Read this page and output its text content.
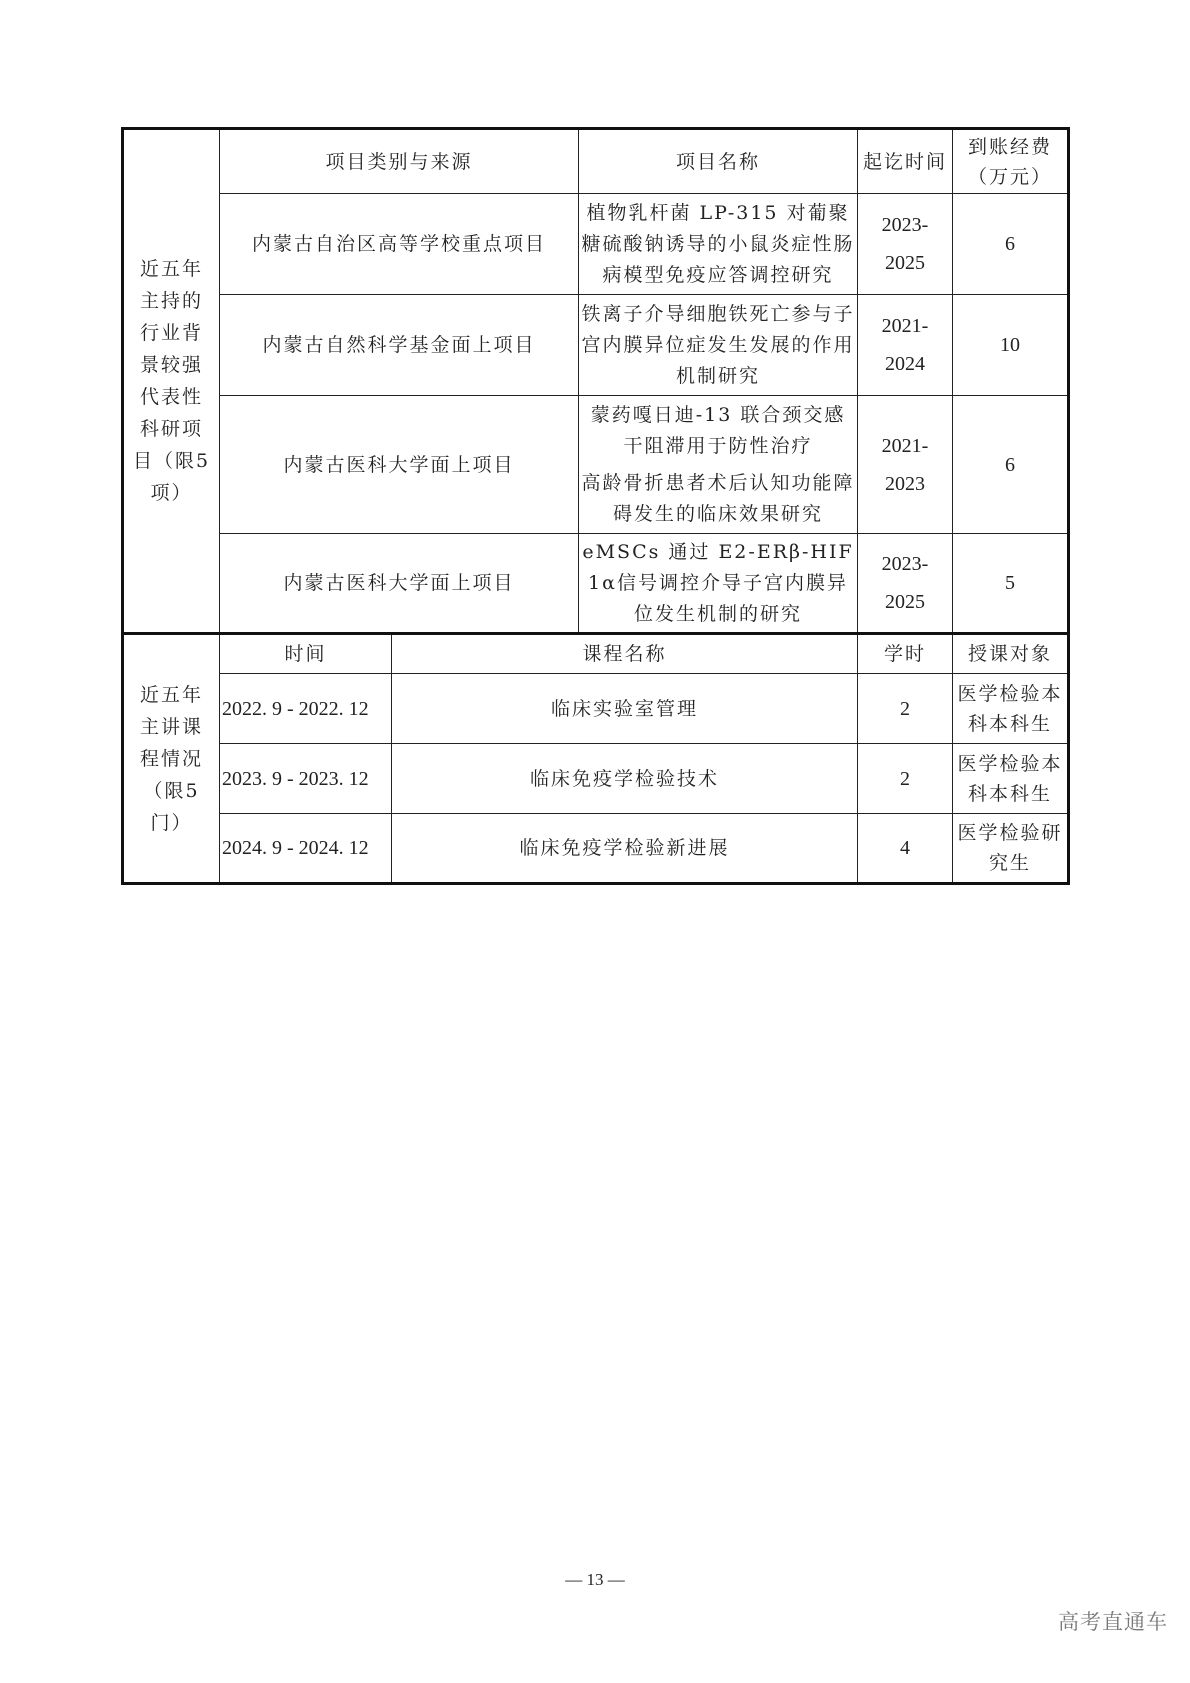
近五年主持的行业背景较强代表性科研项目（限5项）	项目类别与来源		项目名称	起讫时间	到账经费
（万元）

	内蒙古自治区高等学校重点项目		植物乳杆菌 LP-315 对葡聚糖硫酸钠诱导的小鼠炎症性肠病模型免疫应答调控研究	2023-
2025	6
	内蒙古自然科学基金面上项目		铁离子介导细胞铁死亡参与子宫内膜异位症发生发展的作用机制研究	2021-
2024	10
	内蒙古医科大学面上项目		蒙药嘎日迪-13 联合颈交感干阻滞用于防性治疗
高龄骨折患者术后认知功能障碍发生的临床效果研究	2021-
2023	6
	内蒙古医科大学面上项目		eMSCs 通过 E2-ERβ-HIF 1α信号调控介导子宫内膜异位发生机制的研究	2023-
2025	5
近五年主讲课程情况（限5门）	时间	课程名称		学时	授课对象
	2022. 9 - 2022. 12	临床实验室管理		2	医学检验本科本科生
	2023. 9 - 2023. 12	临床免疫学检验技术		2	医学检验本科本科生
	2024. 9 - 2024. 12	临床免疫学检验新进展		4	医学检验研究生
— 13 —
高考直通车
